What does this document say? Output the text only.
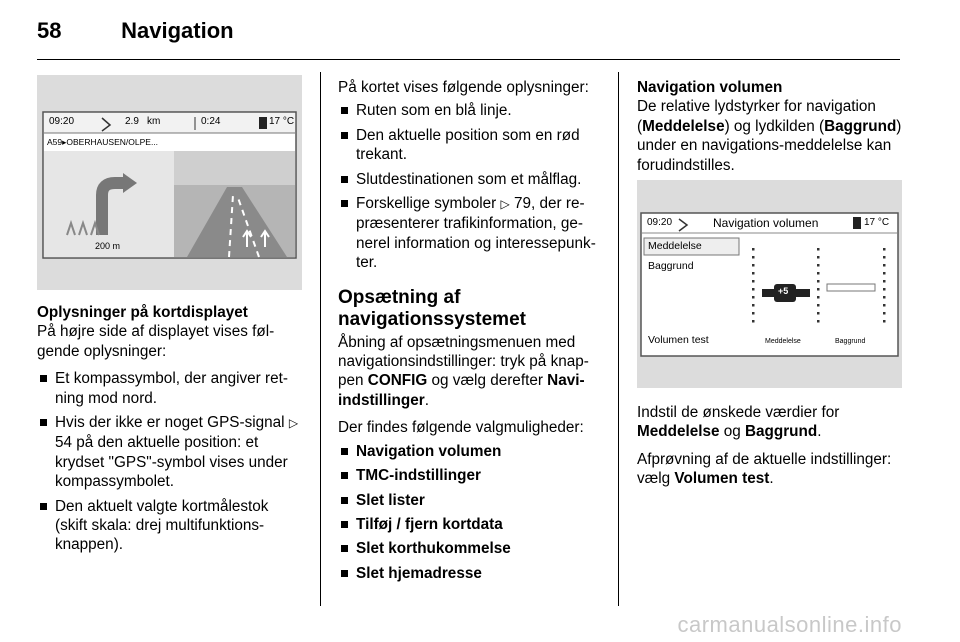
58	Navigation
09:20	2.9 km	0:24	17 °C
A59▸OBERHAUSEN/OLPE...
200 m
Oplysninger på kortdisplayet

På højre side af displayet vises føl-gende oplysninger:

Et kompassymbol, der angiver ret-ning mod nord.
Hvis der ikke er noget GPS-signal ▷ 54 på den aktuelle position: et krydset "GPS"-symbol vises under kompassymbolet.
Den aktuelt valgte kortmålestok (skift skala: drej multifunktions-knappen).

På kortet vises følgende oplysninger:

Ruten som en blå linje.
Den aktuelle position som en rød trekant.
Slutdestinationen som et målflag.
Forskellige symboler ▷ 79, der re-præsenterer trafikinformation, ge-nerel information og interessepunk-ter.
Opsætning af navigationssystemet

Åbning af opsætningsmenuen med navigationsindstillinger: tryk på knap-pen CONFIG og vælg derefter Navi-indstillinger.

Der findes følgende valgmuligheder:

Navigation volumen
TMC-indstillinger
Slet lister
Tilføj / fjern kortdata
Slet korthukommelse
Slet hjemadresse
Navigation volumen

De relative lydstyrker for navigation (Meddelelse) og lydkilden (Baggrund) under en navigations-meddelelse kan forudindstilles.

09:20	Navigation volumen	17 °C
Meddelelse
Baggrund
Volumen test
+5
Meddelelse	Baggrund

Indstil de ønskede værdier for Meddelelse og Baggrund.

Afprøvning af de aktuelle indstillinger: vælg Volumen test.

carmanualsonline.info
